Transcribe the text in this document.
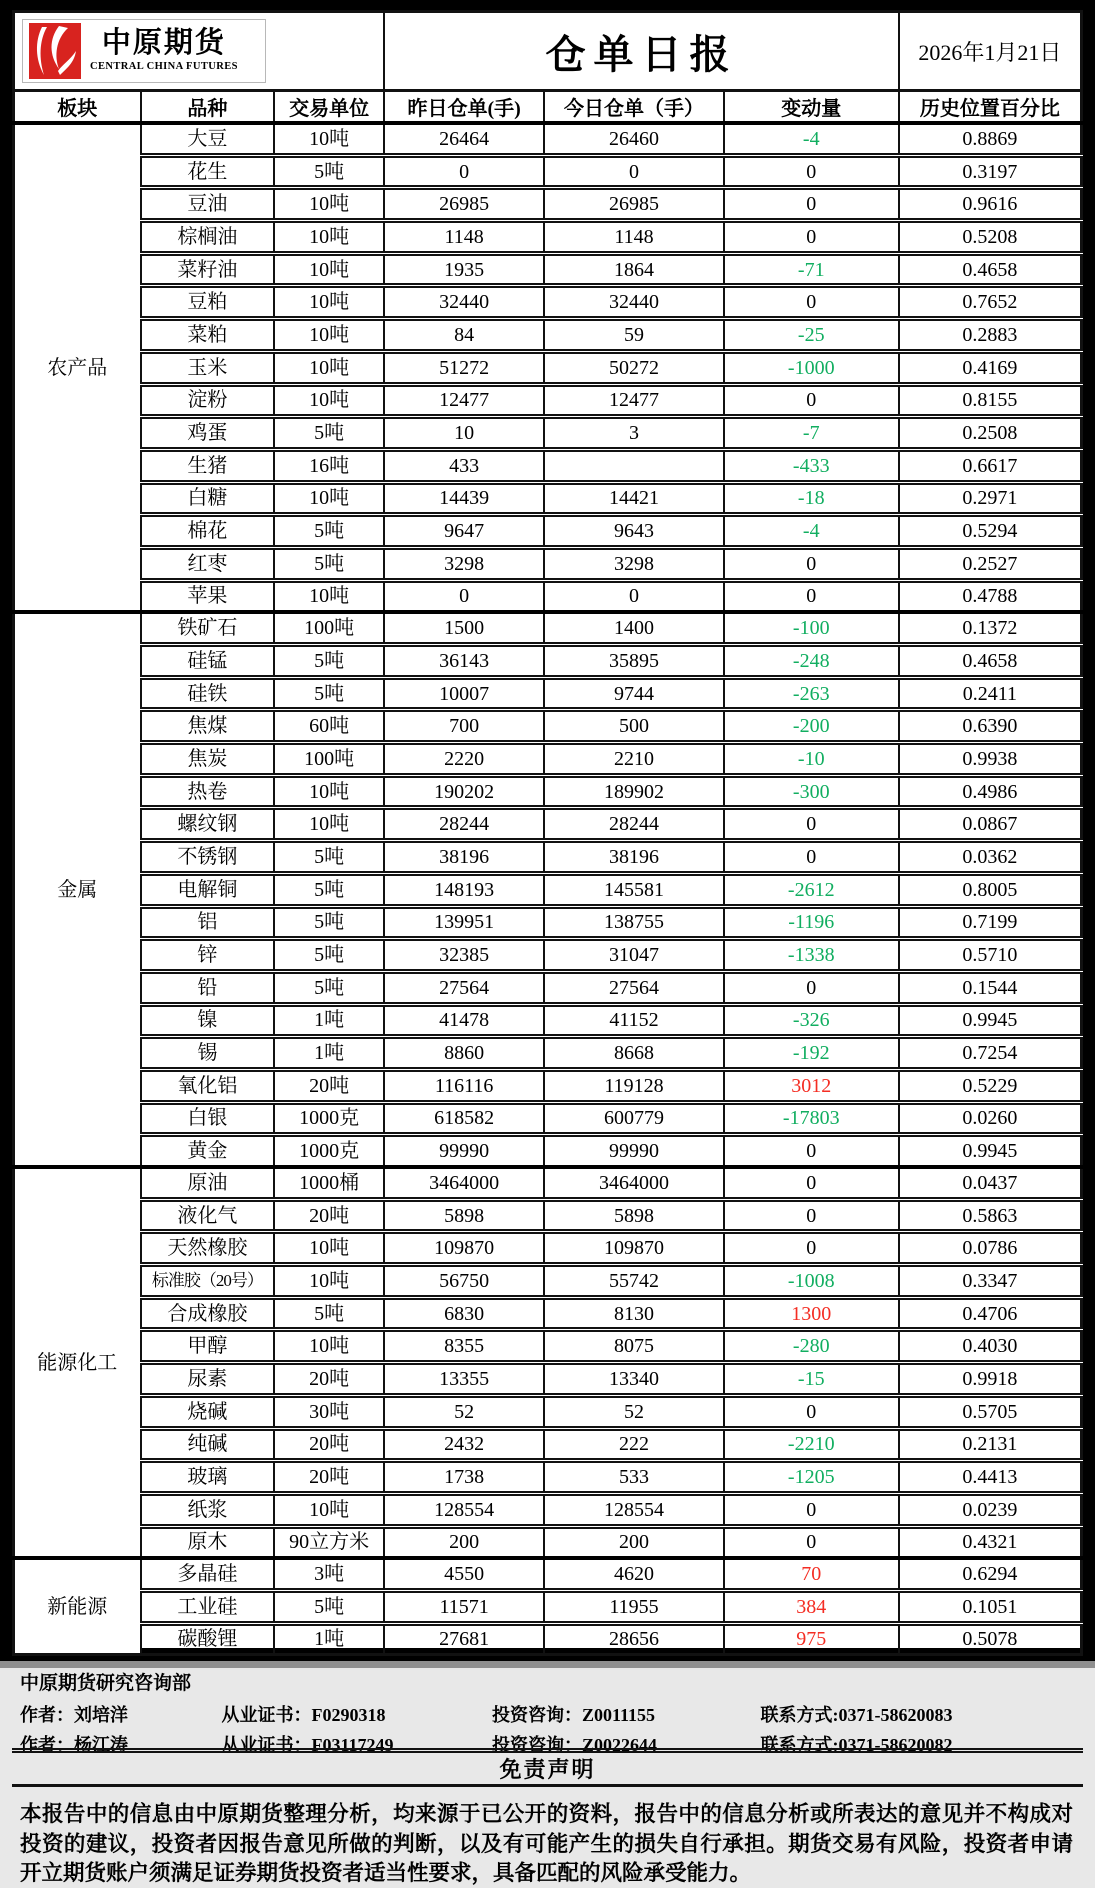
中原期货
CENTRAL CHINA FUTURES			仓单日报			2026年1月21日
板块	品种	交易单位	昨日仓单(手)	今日仓单（手）	变动量	历史位置百分比
农产品	大豆	10吨	26464	26460	-4	0.8869
	花生	5吨	0	0	0	0.3197
	豆油	10吨	26985	26985	0	0.9616
	棕榈油	10吨	1148	1148	0	0.5208
	菜籽油	10吨	1935	1864	-71	0.4658
	豆粕	10吨	32440	32440	0	0.7652
	菜粕	10吨	84	59	-25	0.2883
	玉米	10吨	51272	50272	-1000	0.4169
	淀粉	10吨	12477	12477	0	0.8155
	鸡蛋	5吨	10	3	-7	0.2508
	生猪	16吨	433		-433	0.6617
	白糖	10吨	14439	14421	-18	0.2971
	棉花	5吨	9647	9643	-4	0.5294
	红枣	5吨	3298	3298	0	0.2527
	苹果	10吨	0	0	0	0.4788
金属	铁矿石	100吨	1500	1400	-100	0.1372
	硅锰	5吨	36143	35895	-248	0.4658
	硅铁	5吨	10007	9744	-263	0.2411
	焦煤	60吨	700	500	-200	0.6390
	焦炭	100吨	2220	2210	-10	0.9938
	热卷	10吨	190202	189902	-300	0.4986
	螺纹钢	10吨	28244	28244	0	0.0867
	不锈钢	5吨	38196	38196	0	0.0362
	电解铜	5吨	148193	145581	-2612	0.8005
	铝	5吨	139951	138755	-1196	0.7199
	锌	5吨	32385	31047	-1338	0.5710
	铅	5吨	27564	27564	0	0.1544
	镍	1吨	41478	41152	-326	0.9945
	锡	1吨	8860	8668	-192	0.7254
	氧化铝	20吨	116116	119128	3012	0.5229
	白银	1000克	618582	600779	-17803	0.0260
	黄金	1000克	99990	99990	0	0.9945
能源化工	原油	1000桶	3464000	3464000	0	0.0437
	液化气	20吨	5898	5898	0	0.5863
	天然橡胶	10吨	109870	109870	0	0.0786
	标准胶（20号）	10吨	56750	55742	-1008	0.3347
	合成橡胶	5吨	6830	8130	1300	0.4706
	甲醇	10吨	8355	8075	-280	0.4030
	尿素	20吨	13355	13340	-15	0.9918
	烧碱	30吨	52	52	0	0.5705
	纯碱	20吨	2432	222	-2210	0.2131
	玻璃	20吨	1738	533	-1205	0.4413
	纸浆	10吨	128554	128554	0	0.0239
	原木	90立方米	200	200	0	0.4321
新能源	多晶硅	3吨	4550	4620	70	0.6294
	工业硅	5吨	11571	11955	384	0.1051
	碳酸锂	1吨	27681	28656	975	0.5078
中原期货研究咨询部
作者：刘培洋	从业证书：F0290318	投资咨询：Z0011155	联系方式:0371-58620083
作者：杨江涛	从业证书：F03117249	投资咨询：Z0022644	联系方式:0371-58620082
免责声明
本报告中的信息由中原期货整理分析，均来源于已公开的资料，报告中的信息分析或所表达的意见并不构成对投资的建议，投资者因报告意见所做的判断，以及有可能产生的损失自行承担。期货交易有风险，投资者申请开立期货账户须满足证券期货投资者适当性要求，具备匹配的风险承受能力。
